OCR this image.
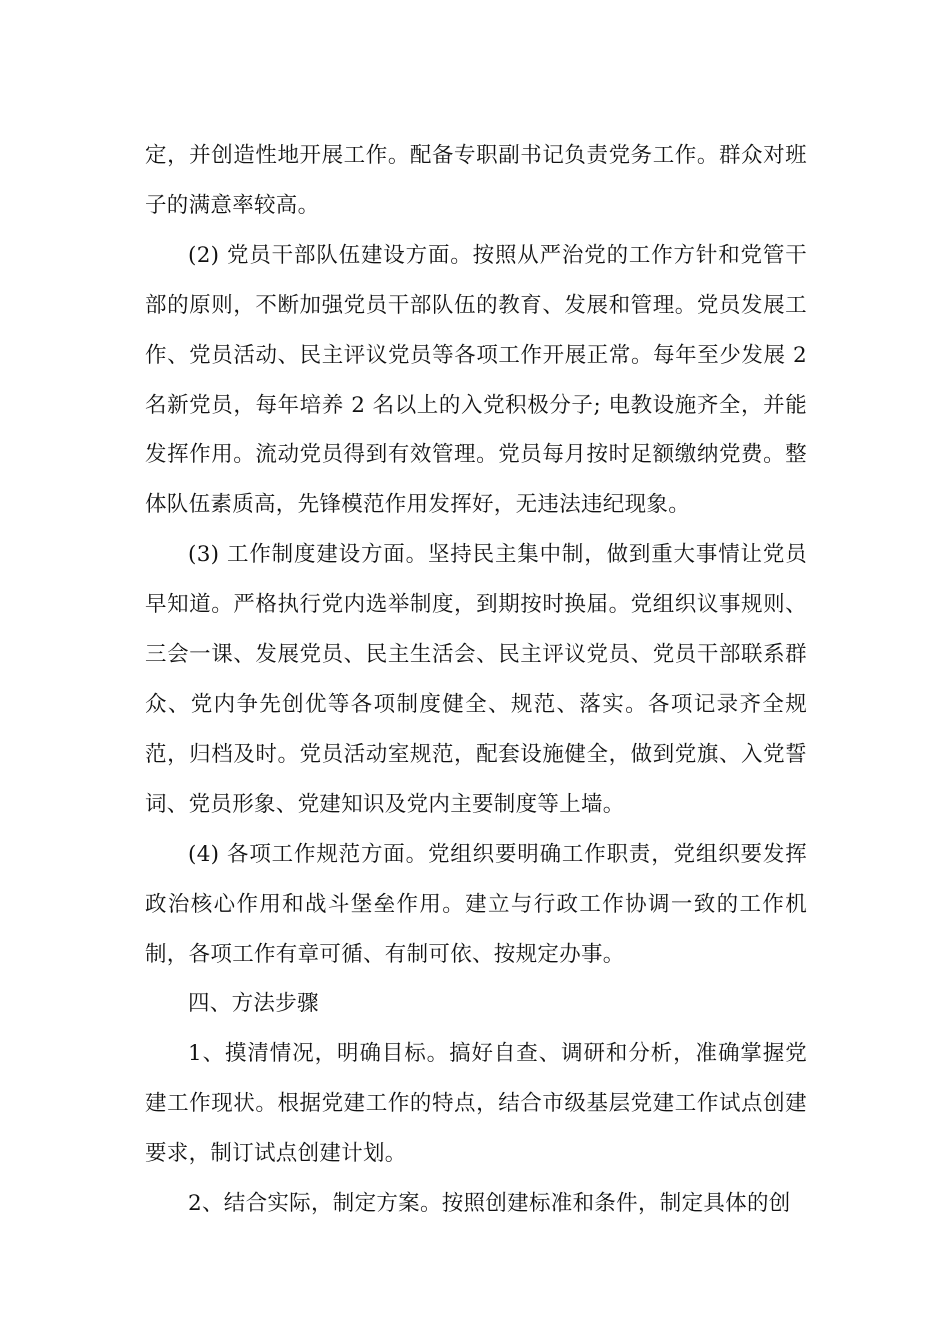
定，并创造性地开展工作。配备专职副书记负责党务工作。群众对班子的满意率较高。

(2) 党员干部队伍建设方面。按照从严治党的工作方针和党管干部的原则，不断加强党员干部队伍的教育、发展和管理。党员发展工作、党员活动、民主评议党员等各项工作开展正常。每年至少发展 2 名新党员，每年培养 2 名以上的入党积极分子; 电教设施齐全，并能发挥作用。流动党员得到有效管理。党员每月按时足额缴纳党费。整体队伍素质高，先锋模范作用发挥好，无违法违纪现象。

(3) 工作制度建设方面。坚持民主集中制，做到重大事情让党员早知道。严格执行党内选举制度，到期按时换届。党组织议事规则、三会一课、发展党员、民主生活会、民主评议党员、党员干部联系群众、党内争先创优等各项制度健全、规范、落实。各项记录齐全规范，归档及时。党员活动室规范，配套设施健全，做到党旗、入党誓词、党员形象、党建知识及党内主要制度等上墙。

(4) 各项工作规范方面。党组织要明确工作职责，党组织要发挥政治核心作用和战斗堡垒作用。建立与行政工作协调一致的工作机制，各项工作有章可循、有制可依、按规定办事。

四、方法步骤

1、摸清情况，明确目标。搞好自查、调研和分析，准确掌握党建工作现状。根据党建工作的特点，结合市级基层党建工作试点创建要求，制订试点创建计划。

2、结合实际，制定方案。按照创建标准和条件，制定具体的创
